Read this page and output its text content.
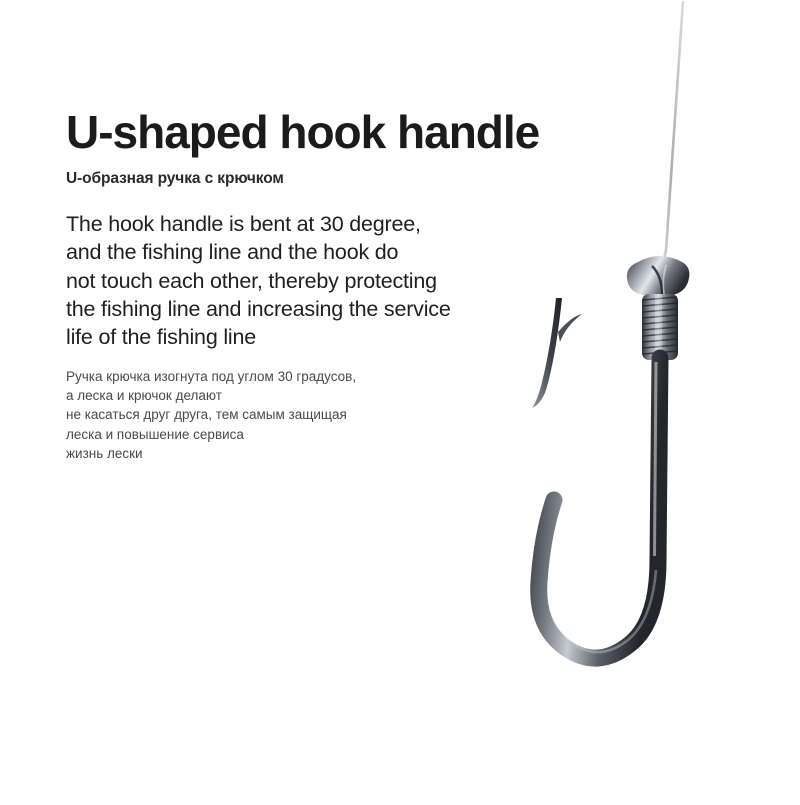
U-shaped hook handle
U-образная ручка с крючком

The hook handle is bent at 30 degree,

and the fishing line and the hook do

not touch each other, thereby protecting

the fishing line and increasing the service

life of the fishing line

Ручка крючка изогнута под углом 30 градусов,

а леска и крючок делают

не касаться друг друга, тем самым защищая

леска и повышение сервиса

жизнь лески
